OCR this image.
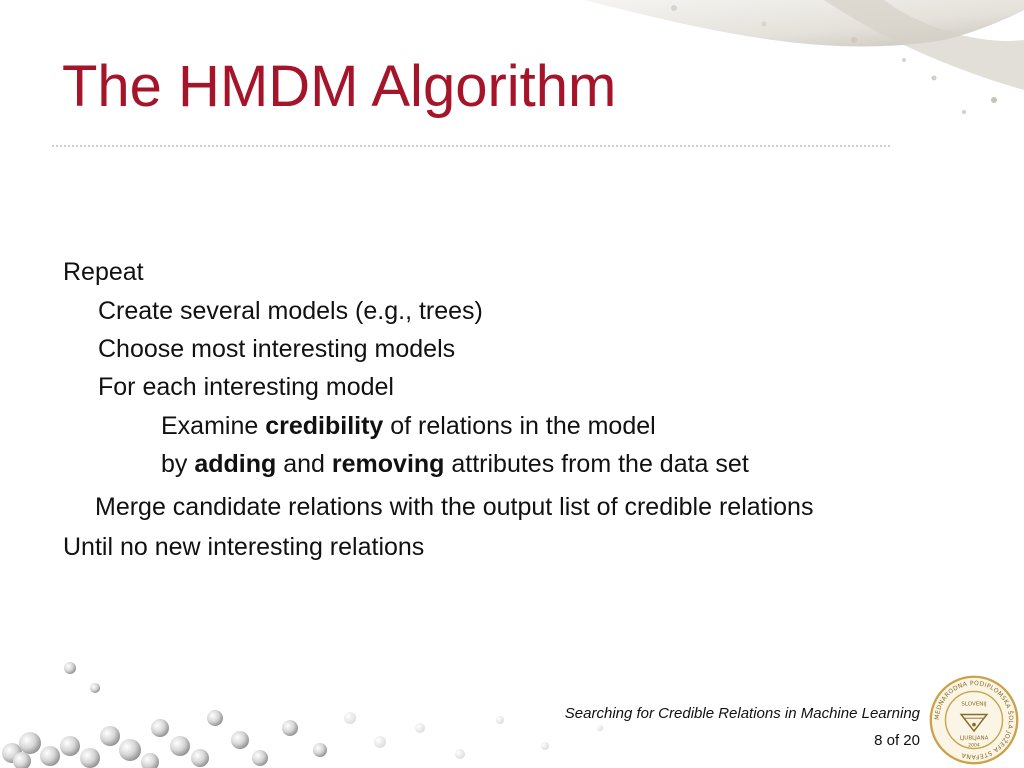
The HMDM Algorithm
Repeat
Create several models (e.g., trees)
Choose most interesting models
For each interesting model
Examine credibility of relations in the model
by adding and removing attributes from the data set
Merge candidate relations with the output list of credible relations
Until no new interesting relations
Searching for Credible Relations in Machine Learning
8 of 20
MEDNARODNA PODIPLOMSKA ŠOLA JOŽEFA STEFANA
SLOVENIJ
LJUBLJANA
2004
